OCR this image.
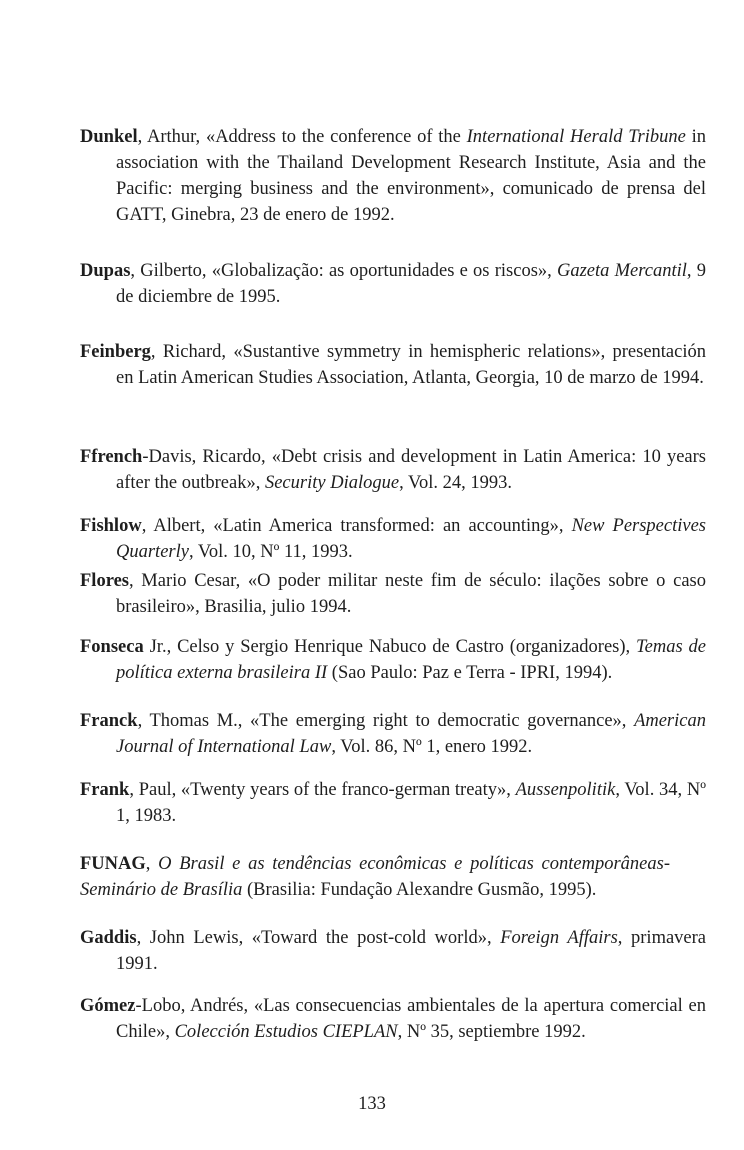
Dunkel, Arthur, «Address to the conference of the International Herald Tribune in association with the Thailand Development Research Institute, Asia and the Pacific: merging business and the environment», comunicado de prensa del GATT, Ginebra, 23 de enero de 1992.

Dupas, Gilberto, «Globalização: as oportunidades e os riscos», Gazeta Mercantil, 9 de diciembre de 1995.

Feinberg, Richard, «Sustantive symmetry in hemispheric relations», presentación en Latin American Studies Association, Atlanta, Georgia, 10 de marzo de 1994.

Ffrench-Davis, Ricardo, «Debt crisis and development in Latin America: 10 years after the outbreak», Security Dialogue, Vol. 24, 1993.

Fishlow, Albert, «Latin America transformed: an accounting», New Perspectives Quarterly, Vol. 10, Nº 11, 1993.

Flores, Mario Cesar, «O poder militar neste fim de século: ilações sobre o caso brasileiro», Brasilia, julio 1994.

Fonseca Jr., Celso y Sergio Henrique Nabuco de Castro (organizadores), Temas de política externa brasileira II (Sao Paulo: Paz e Terra - IPRI, 1994).

Franck, Thomas M., «The emerging right to democratic governance», American Journal of International Law, Vol. 86, Nº 1, enero 1992.

Frank, Paul, «Twenty years of the franco-german treaty», Aussenpolitik, Vol. 34, Nº 1, 1983.

FUNAG, O Brasil e as tendências econômicas e políticas contemporâneas- Seminário de Brasília (Brasilia: Fundação Alexandre Gusmão, 1995).

Gaddis, John Lewis, «Toward the post-cold world», Foreign Affairs, primavera 1991.

Gómez-Lobo, Andrés, «Las consecuencias ambientales de la apertura comercial en Chile», Colección Estudios CIEPLAN, Nº 35, septiembre 1992.

133
